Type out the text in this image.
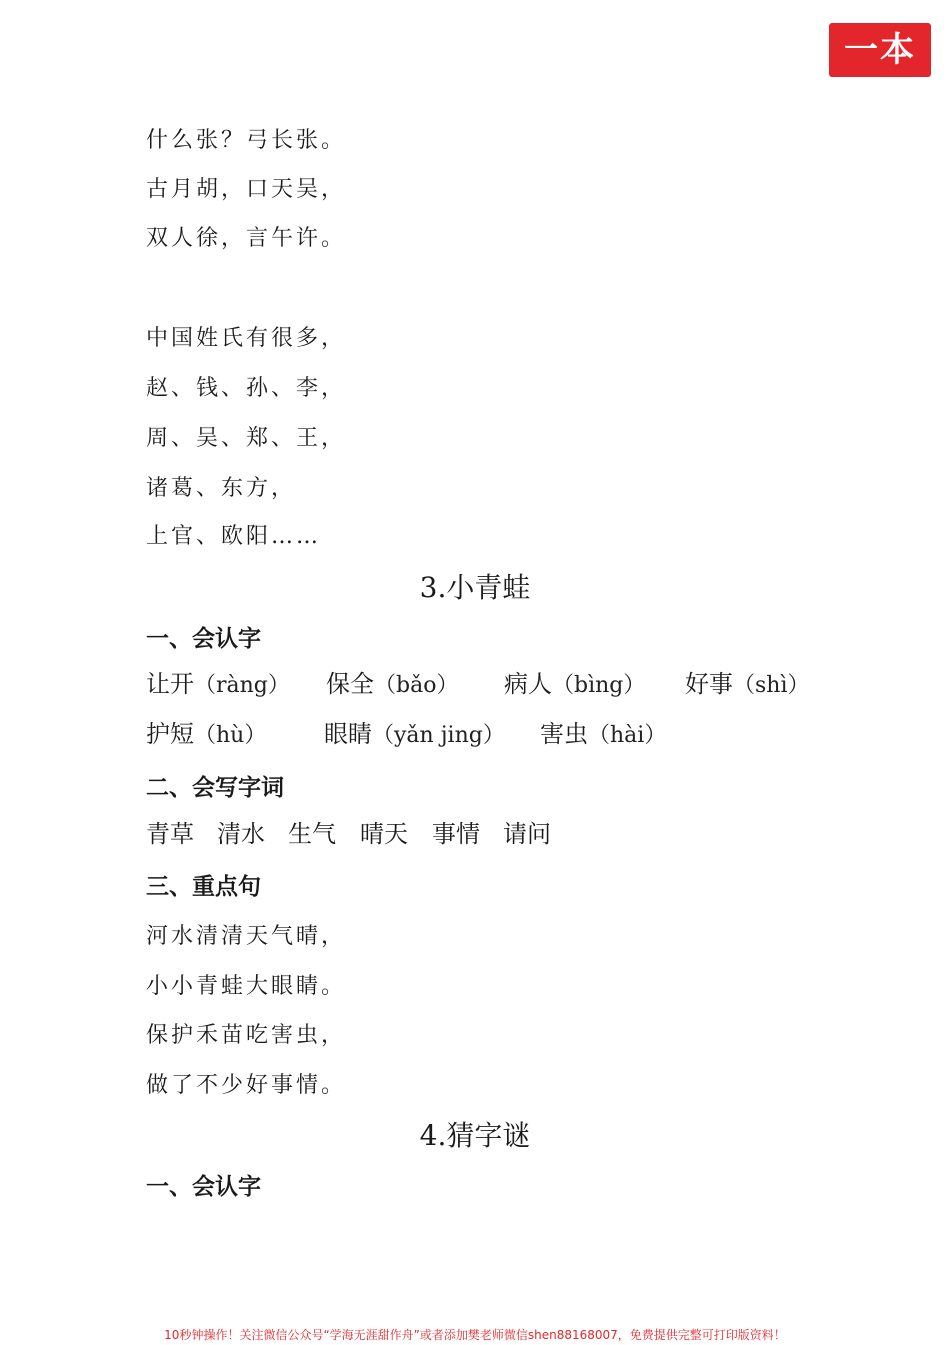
一本
什么张？弓长张。
古月胡，口天吴，
双人徐，言午许。
中国姓氏有很多，
赵、钱、孙、李，
周、吴、郑、王，
诸葛、东方，
上官、欧阳……
3.小青蛙
一、会认字
让开（ràng） 保全（bǎo） 病人（bìng） 好事（shì）
护短（hù） 眼睛（yǎn jing） 害虫（hài）
二、会写字词
青草 清水 生气 晴天 事情 请问
三、重点句
河水清清天气晴，
小小青蛙大眼睛。
保护禾苗吃害虫，
做了不少好事情。
4.猜字谜
一、会认字
10秒钟操作！关注微信公众号“学海无涯甜作舟”或者添加樊老师微信shen88168007，免费提供完整可打印版资料！
